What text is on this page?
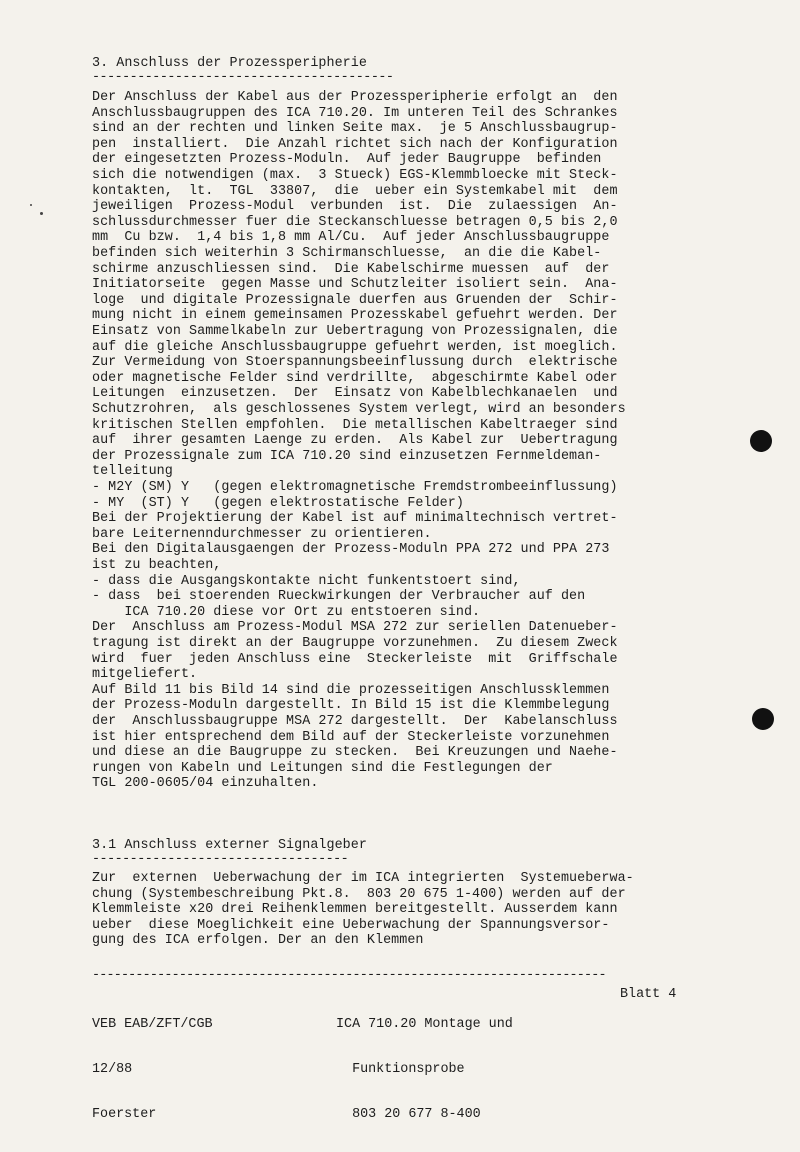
3. Anschluss der Prozessperipherie
----------------------------------------
Der Anschluss der Kabel aus der Prozessperipherie erfolgt an  den
Anschlussbaugruppen des ICA 710.20. Im unteren Teil des Schrankes
sind an der rechten und linken Seite max.  je 5 Anschlussbaugrup-
pen  installiert.  Die Anzahl richtet sich nach der Konfiguration
der eingesetzten Prozess-Moduln.  Auf jeder Baugruppe  befinden
sich die notwendigen (max.  3 Stueck) EGS-Klemmbloecke mit Steck-
kontakten,  lt.  TGL  33807,  die  ueber ein Systemkabel mit  dem
jeweiligen  Prozess-Modul  verbunden  ist.  Die  zulaessigen  An-
schlussdurchmesser fuer die Steckanschluesse betragen 0,5 bis 2,0
mm  Cu bzw.  1,4 bis 1,8 mm Al/Cu.  Auf jeder Anschlussbaugruppe
befinden sich weiterhin 3 Schirmanschluesse,  an die die Kabel-
schirme anzuschliessen sind.  Die Kabelschirme muessen  auf  der
Initiatorseite  gegen Masse und Schutzleiter isoliert sein.  Ana-
loge  und digitale Prozessignale duerfen aus Gruenden der  Schir-
mung nicht in einem gemeinsamen Prozesskabel gefuehrt werden. Der
Einsatz von Sammelkabeln zur Uebertragung von Prozessignalen, die
auf die gleiche Anschlussbaugruppe gefuehrt werden, ist moeglich.
Zur Vermeidung von Stoerspannungsbeeinflussung durch  elektrische
oder magnetische Felder sind verdrillte,  abgeschirmte Kabel oder
Leitungen  einzusetzen.  Der  Einsatz von Kabelblechkanaelen  und
Schutzrohren,  als geschlossenes System verlegt, wird an besonders
kritischen Stellen empfohlen.  Die metallischen Kabeltraeger sind
auf  ihrer gesamten Laenge zu erden.  Als Kabel zur  Uebertragung
der Prozessignale zum ICA 710.20 sind einzusetzen Fernmeldeman-
telleitung
- M2Y (SM) Y   (gegen elektromagnetische Fremdstrombeeinflussung)
- MY  (ST) Y   (gegen elektrostatische Felder)
Bei der Projektierung der Kabel ist auf minimaltechnisch vertret-
bare Leiternenndurchmesser zu orientieren.
Bei den Digitalausgaengen der Prozess-Moduln PPA 272 und PPA 273
ist zu beachten,
- dass die Ausgangskontakte nicht funkentstoert sind,
- dass  bei stoerenden Rueckwirkungen der Verbraucher auf den
ICA 710.20 diese vor Ort zu entstoeren sind.
Der  Anschluss am Prozess-Modul MSA 272 zur seriellen Datenueber-
tragung ist direkt an der Baugruppe vorzunehmen.  Zu diesem Zweck
wird  fuer  jeden Anschluss eine  Steckerleiste  mit  Griffschale
mitgeliefert.
Auf Bild 11 bis Bild 14 sind die prozesseitigen Anschlussklemmen
der Prozess-Moduln dargestellt. In Bild 15 ist die Klemmbelegung
der  Anschlussbaugruppe MSA 272 dargestellt.  Der  Kabelanschluss
ist hier entsprechend dem Bild auf der Steckerleiste vorzunehmen
und diese an die Baugruppe zu stecken.  Bei Kreuzungen und Naehe-
rungen von Kabeln und Leitungen sind die Festlegungen der
TGL 200-0605/04 einzuhalten.
3.1 Anschluss externer Signalgeber
----------------------------------
Zur  externen  Ueberwachung der im ICA integrierten  Systemueberwa-
chung (Systembeschreibung Pkt.8.  803 20 675 1-400) werden auf der
Klemmleiste x20 drei Reihenklemmen bereitgestellt. Ausserdem kann
ueber  diese Moeglichkeit eine Ueberwachung der Spannungsversor-
gung des ICA erfolgen. Der an den Klemmen
-----------------------------------------------------------------------

VEB EAB/ZFT/CGB

12/88

Foerster

ICA 710.20 Montage und

Funktionsprobe

803 20 677 8-400

Blatt 4
